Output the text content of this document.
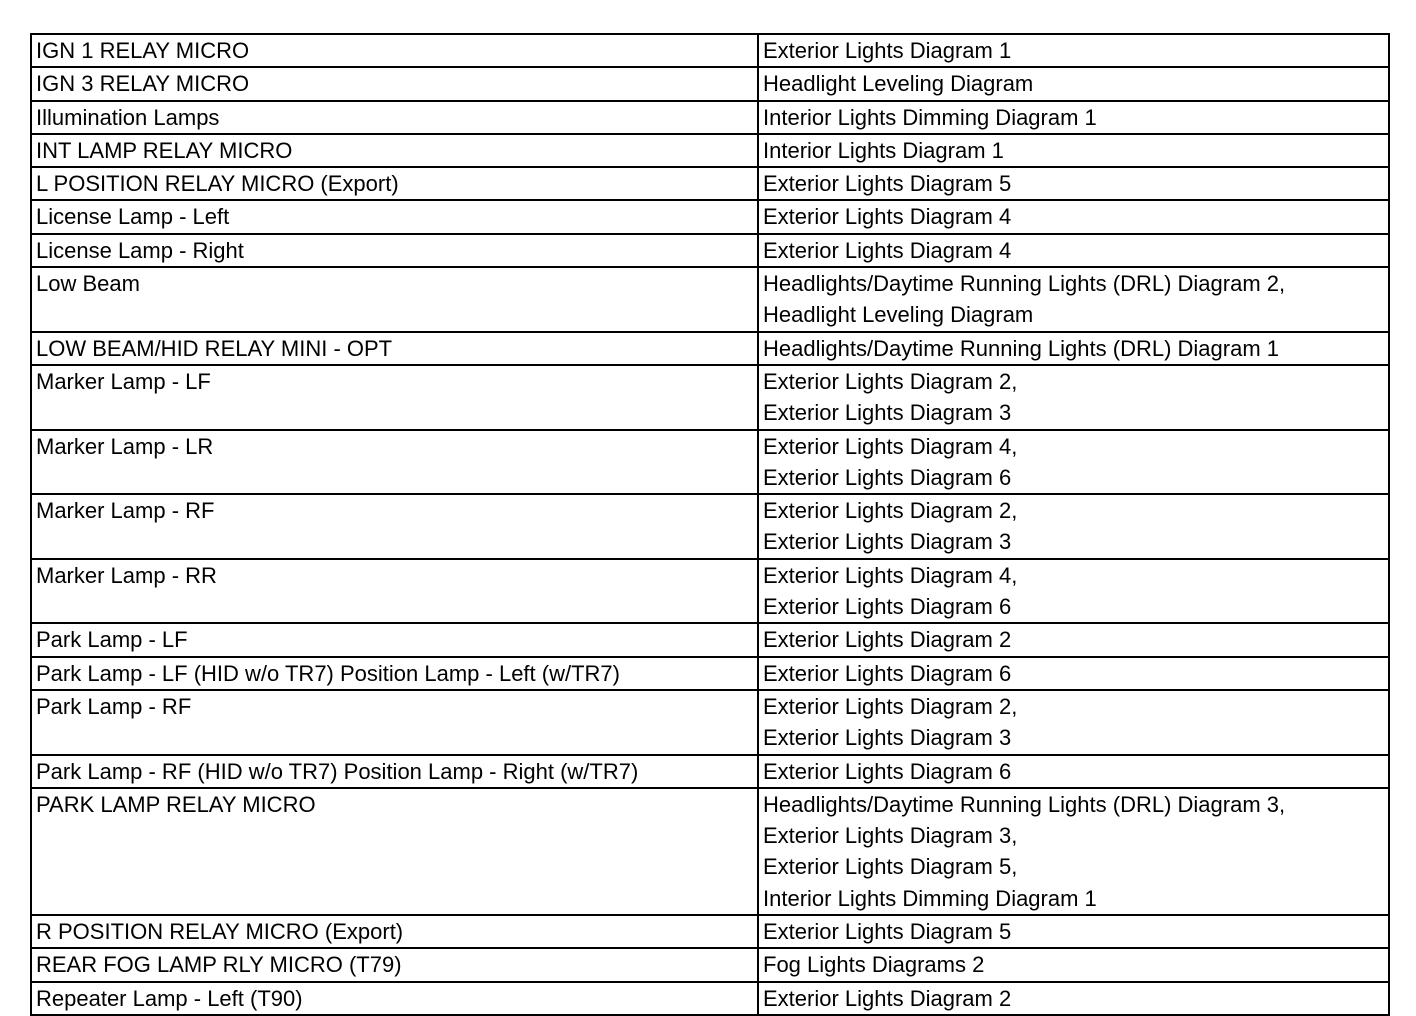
IGN 1 RELAY MICRO	Exterior Lights Diagram 1

IGN 3 RELAY MICRO	Headlight Leveling Diagram

Illumination Lamps	Interior Lights Dimming Diagram 1

INT LAMP RELAY MICRO	Interior Lights Diagram 1

L POSITION RELAY MICRO (Export)	Exterior Lights Diagram 5

License Lamp - Left	Exterior Lights Diagram 4

License Lamp - Right	Exterior Lights Diagram 4

Low Beam	Headlights/Daytime Running Lights (DRL) Diagram 2,
Headlight Leveling Diagram

LOW BEAM/HID RELAY MINI - OPT	Headlights/Daytime Running Lights (DRL) Diagram 1

Marker Lamp - LF	Exterior Lights Diagram 2,
Exterior Lights Diagram 3

Marker Lamp - LR	Exterior Lights Diagram 4,
Exterior Lights Diagram 6

Marker Lamp - RF	Exterior Lights Diagram 2,
Exterior Lights Diagram 3

Marker Lamp - RR	Exterior Lights Diagram 4,
Exterior Lights Diagram 6

Park Lamp - LF	Exterior Lights Diagram 2

Park Lamp - LF (HID w/o TR7) Position Lamp - Left (w/TR7)	Exterior Lights Diagram 6

Park Lamp - RF	Exterior Lights Diagram 2,
Exterior Lights Diagram 3

Park Lamp - RF (HID w/o TR7) Position Lamp - Right (w/TR7)	Exterior Lights Diagram 6

PARK LAMP RELAY MICRO	Headlights/Daytime Running Lights (DRL) Diagram 3,
Exterior Lights Diagram 3,
Exterior Lights Diagram 5,
Interior Lights Dimming Diagram 1

R POSITION RELAY MICRO (Export)	Exterior Lights Diagram 5

REAR FOG LAMP RLY MICRO (T79)	Fog Lights Diagrams 2

Repeater Lamp - Left (T90)	Exterior Lights Diagram 2
